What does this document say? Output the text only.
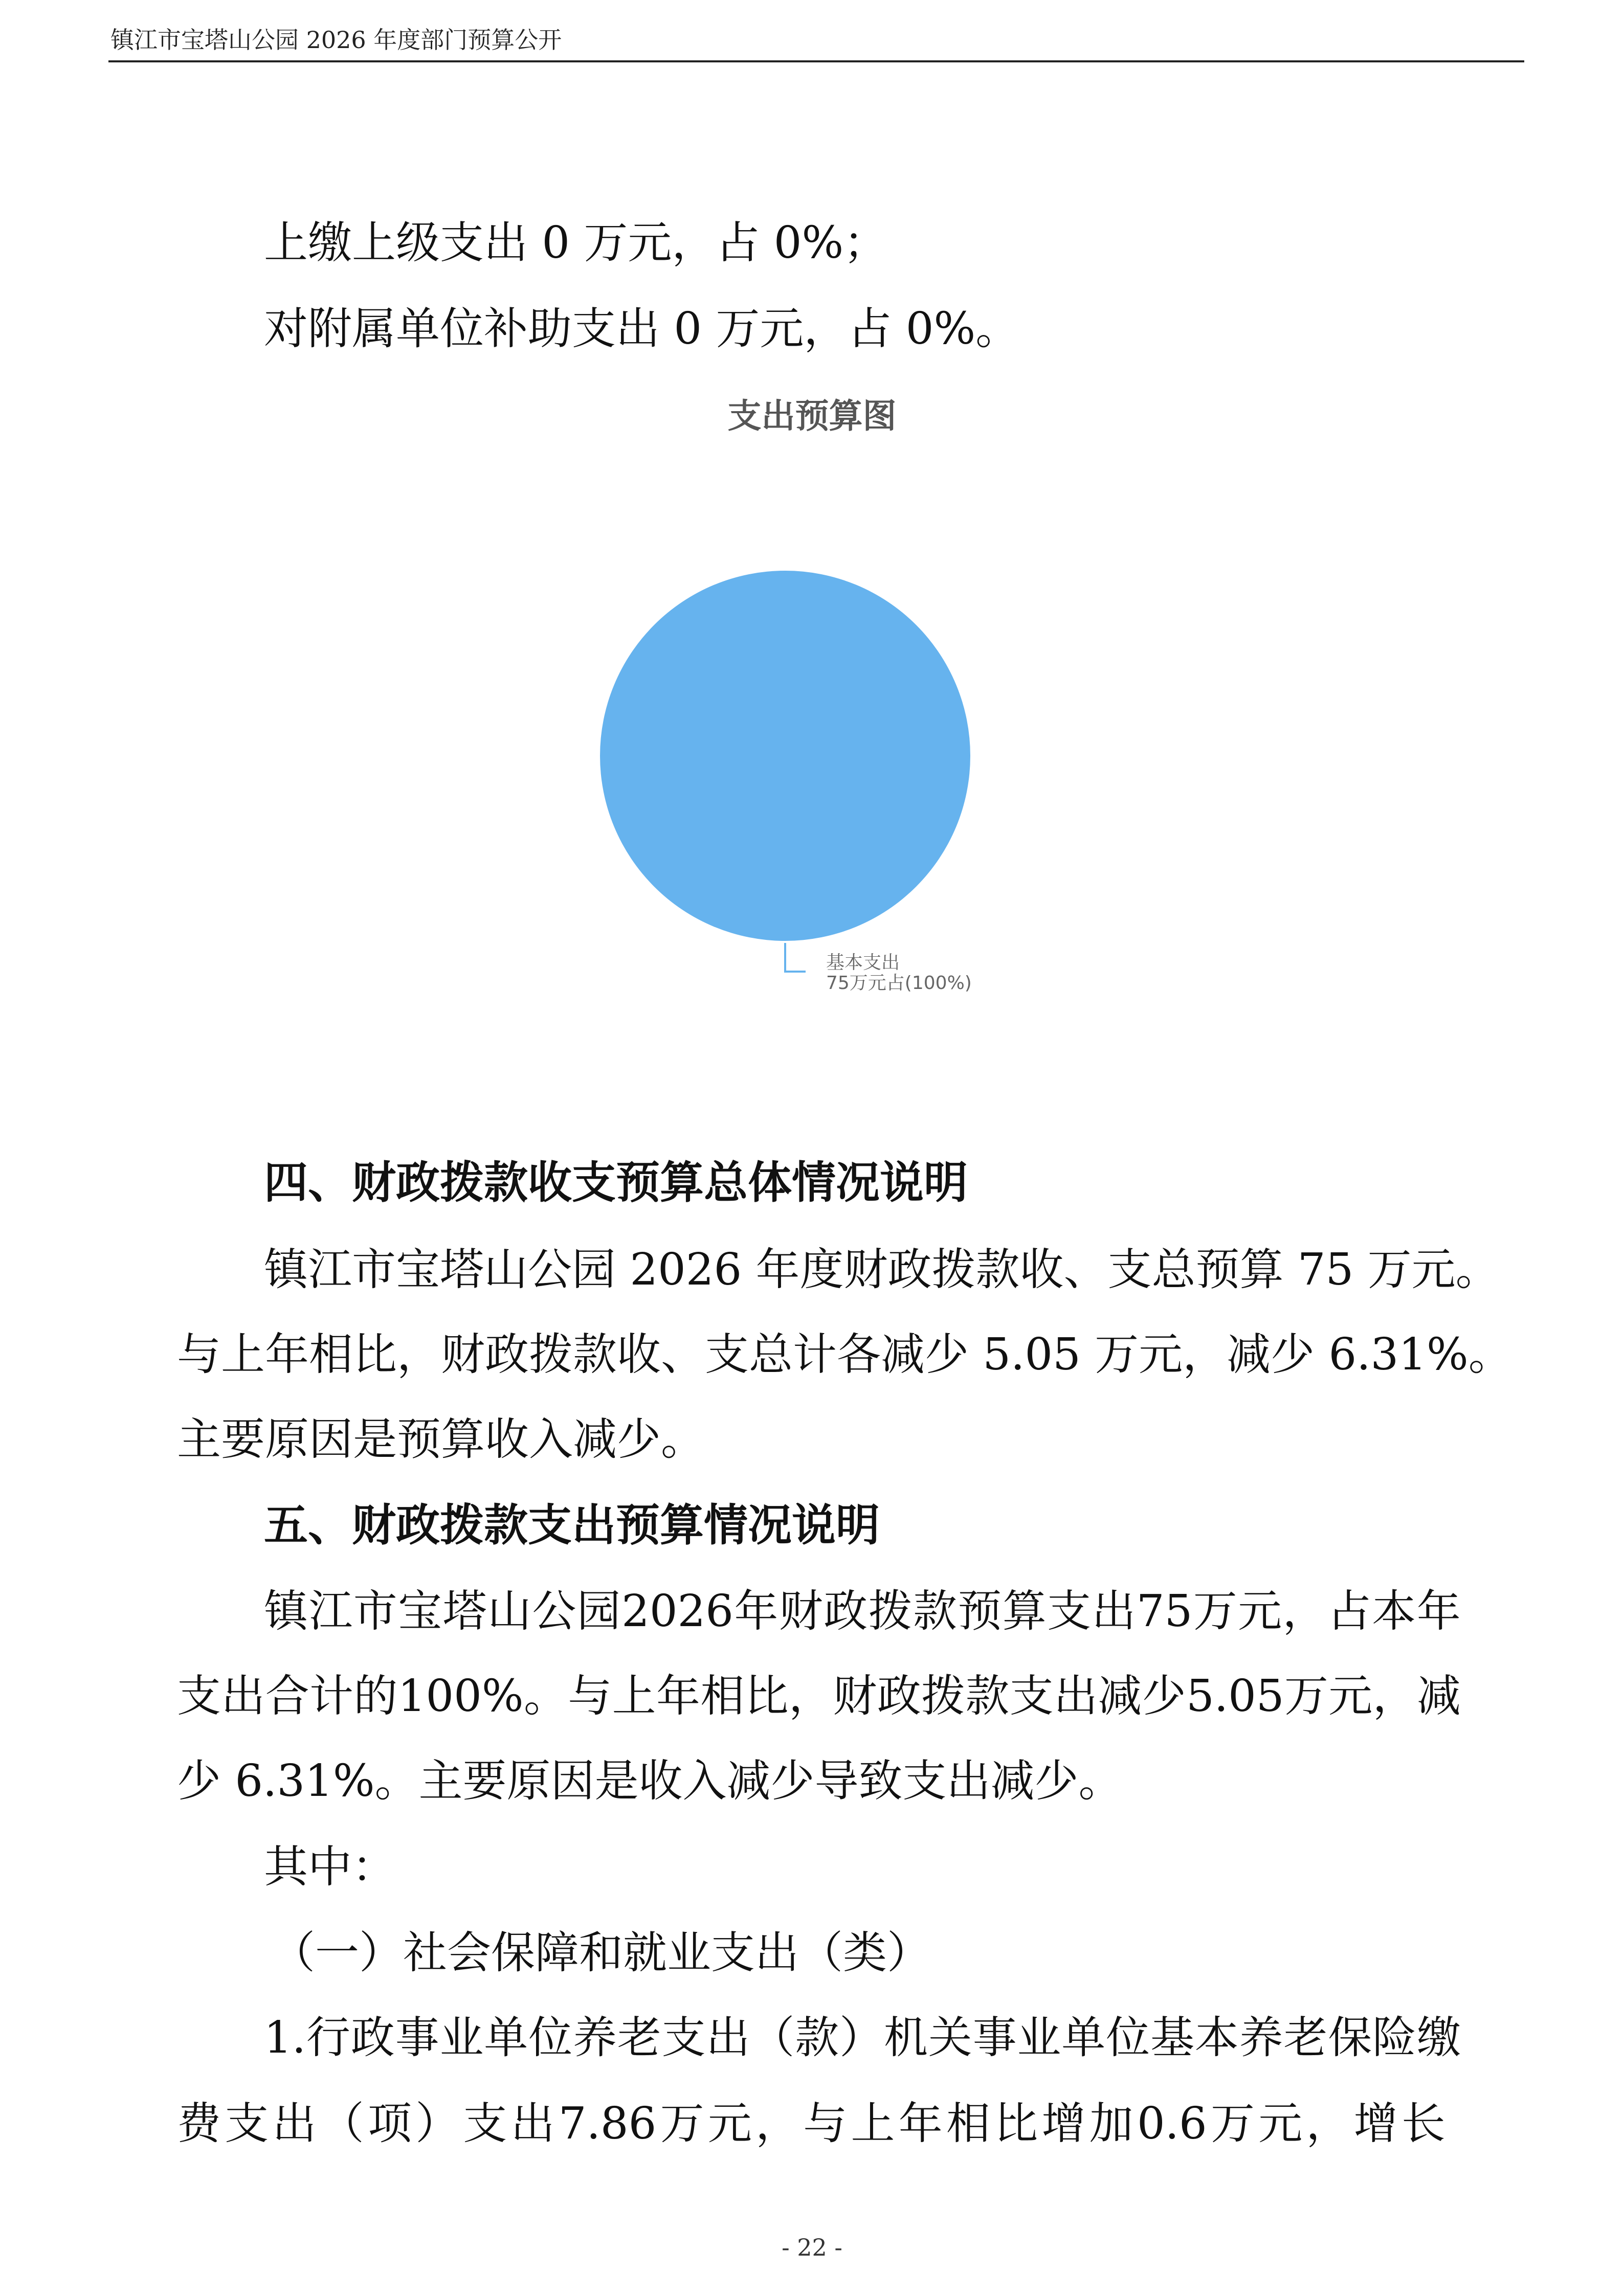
镇江市宝塔山公园 2026 年度部门预算公开
上缴上级支出 0 万元，占 0%；
对附属单位补助支出 0 万元，占 0%。
支出预算图
基本支出
75万元占(100%)
四、财政拨款收支预算总体情况说明
镇江市宝塔山公园 2026 年度财政拨款收、支总预算 75 万元。
与上年相比，财政拨款收、支总计各减少 5.05 万元，减少 6.31%。
主要原因是预算收入减少。
五、财政拨款支出预算情况说明
镇 江 市 宝 塔 山 公 园 2026 年 财 政 拨 款 预 算 支 出 75 万 元 ， 占 本 年
支 出 合 计 的 100% 。 与 上 年 相 比 ， 财 政 拨 款 支 出 减 少 5.05 万 元 ， 减
少 6.31%。主要原因是收入减少导致支出减少。
其中：
（一）社会保障和就业支出（类）
1. 行 政 事 业 单 位 养 老 支 出 （ 款 ） 机 关 事 业 单 位 基 本 养 老 保 险 缴
费 支 出 （ 项 ） 支 出 7.86 万 元 ， 与 上 年 相 比 增 加 0.6 万 元 ， 增 长
- 22 -
